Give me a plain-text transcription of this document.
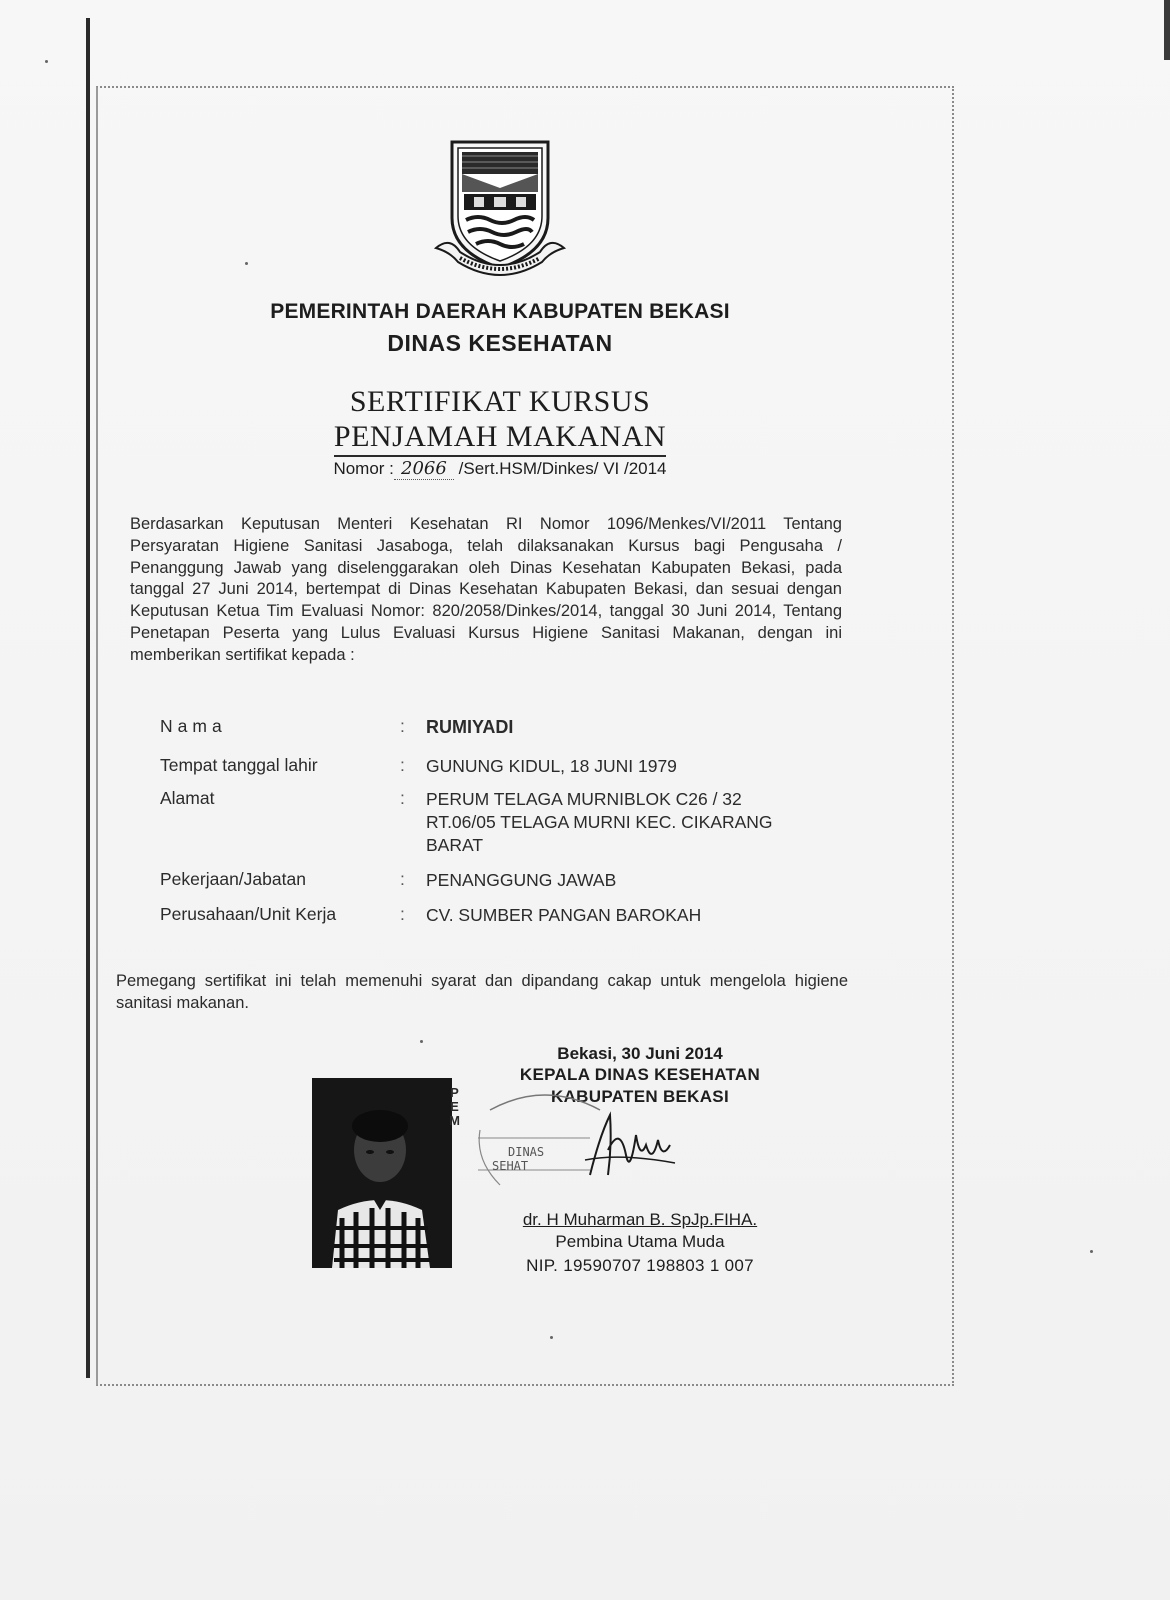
PEMERINTAH DAERAH KABUPATEN BEKASI
DINAS KESEHATAN
SERTIFIKAT KURSUS
PENJAMAH MAKANAN
Nomor : 2066 /Sert.HSM/Dinkes/ VI /2014
Berdasarkan Keputusan Menteri Kesehatan RI Nomor 1096/Menkes/VI/2011 Tentang Persyaratan Higiene Sanitasi Jasaboga, telah dilaksanakan Kursus bagi Pengusaha / Penanggung Jawab yang diselenggarakan oleh Dinas Kesehatan Kabupaten Bekasi, pada tanggal 27 Juni 2014, bertempat di Dinas Kesehatan Kabupaten Bekasi, dan sesuai dengan Keputusan Ketua Tim Evaluasi Nomor: 820/2058/Dinkes/2014, tanggal 30 Juni 2014, Tentang Penetapan Peserta yang Lulus Evaluasi Kursus Higiene Sanitasi Makanan, dengan ini memberikan sertifikat kepada :
Nama	:	RUMIYADI
Tempat tanggal lahir	:	GUNUNG KIDUL, 18 JUNI 1979
Alamat	:	PERUM TELAGA MURNIBLOK C26 / 32
RT.06/05 TELAGA MURNI KEC. CIKARANG
BARAT
Pekerjaan/Jabatan	:	PENANGGUNG JAWAB
Perusahaan/Unit Kerja	:	CV. SUMBER PANGAN BAROKAH
Pemegang sertifikat ini telah memenuhi syarat dan dipandang cakap untuk mengelola higiene sanitasi makanan.
PEM
Bekasi, 30 Juni 2014
KEPALA DINAS KESEHATAN
KABUPATEN BEKASI
DINAS
SEHAT
dr. H Muharman B. SpJp.FIHA.
Pembina Utama Muda
NIP. 19590707 198803 1 007
